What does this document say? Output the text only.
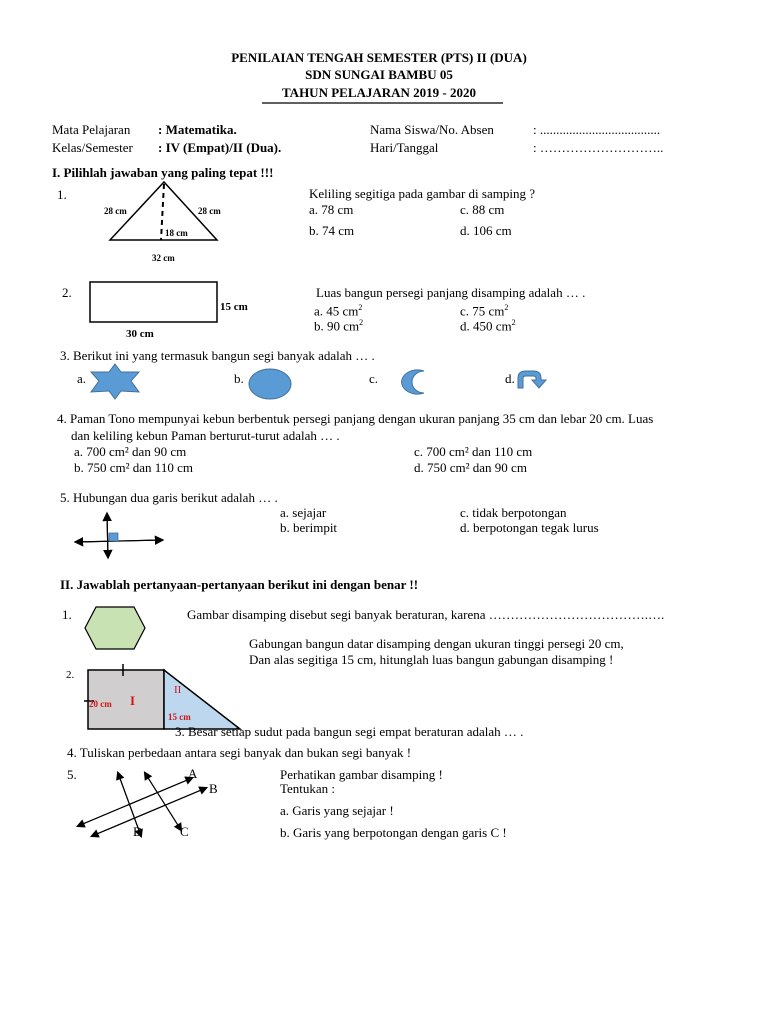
PENILAIAN TENGAH SEMESTER (PTS) II (DUA)
SDN SUNGAI BAMBU 05
TAHUN PELAJARAN 2019 - 2020
Mata Pelajaran : Matematika.
Kelas/Semester : IV (Empat)/II (Dua).
Nama Siswa/No. Absen	: .....................................
Hari/Tanggal	: ………………………..
I. Pilihlah jawaban yang paling tepat !!!
1.
28 cm	28 cm
18 cm
32 cm
Keliling segitiga pada gambar di samping ?
a. 78 cm	c. 88 cm
b. 74 cm	d. 106 cm
2.
15 cm
30 cm
Luas bangun persegi panjang disamping adalah … .
a. 45 $cm^2$	c. 75 $cm^2$
b. 90 $cm^2$	d. 450 $cm^2$
3. Berikut ini yang termasuk bangun segi banyak adalah … .
a.	b.	c.	d.
4. Paman Tono mempunyai kebun berbentuk persegi panjang dengan ukuran panjang 35 cm dan lebar 20 cm. Luas
dan keliling kebun Paman berturut-turut adalah … .
a. 700 cm² dan 90 cm	c. 700 cm² dan 110 cm
b. 750 cm² dan 110 cm	d. 750 cm² dan 90 cm
5. Hubungan dua garis berikut adalah … .
a. sejajar	c. tidak berpotongan
b. berimpit	d. berpotongan tegak lurus
II. Jawablah pertanyaan-pertanyaan berikut ini dengan benar !!
1.	Gambar disamping disebut segi banyak beraturan, karena ……………………………….….
Gabungan bangun datar disamping dengan ukuran tinggi persegi 20 cm,
Dan alas segitiga 15 cm, hitunglah luas bangun gabungan disamping !
2.
20 cm I
II
15 cm
3. Besar setiap sudut pada bangun segi empat beraturan adalah … .
4. Tuliskan perbedaan antara segi banyak dan bukan segi banyak !
5.	A
B
C
D
Perhatikan gambar disamping !
Tentukan :
a. Garis yang sejajar !
b. Garis yang berpotongan dengan garis C !
